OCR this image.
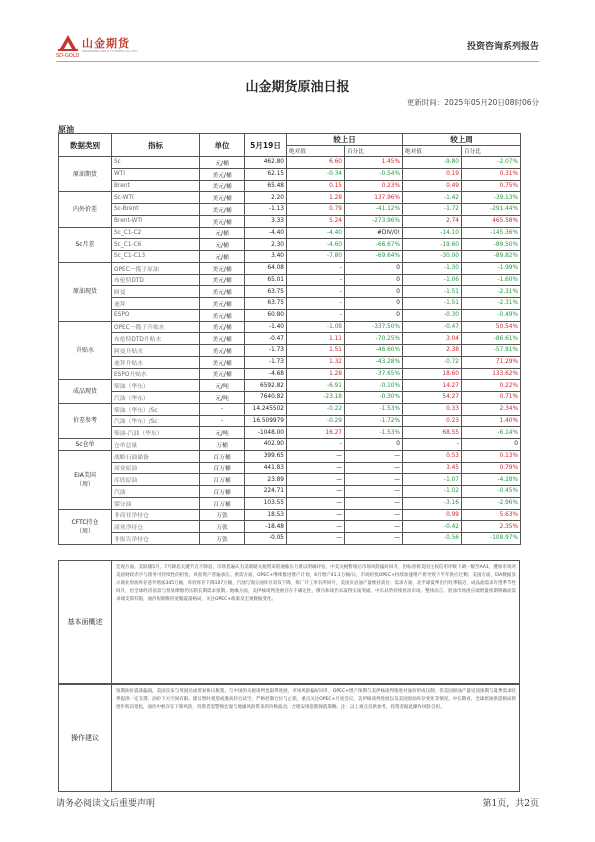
山金期货
SHANDONG GOLD FUTURES CO.,LTD.
SD-GOLD
投资咨询系列报告
山金期货原油日报
更新时间：2025年05月20日08时06分
原油
数据类别	指标	单位	5月19日	较上日		较上周	
				绝对值	百分比	绝对值	百分比
原油期货	Sc	元/桶	462.80	6.60	1.45%	-9.80	-2.07%
	WTI	美元/桶	62.15	-0.34	-0.54%	0.19	0.31%
	Brent	美元/桶	65.48	0.15	0.23%	0.49	0.75%
内外价差	Sc-WTI	美元/桶	2.20	1.28	137.96%	-1.42	-39.13%
	Sc-Brent	美元/桶	-1.13	0.79	-41.12%	-1.72	-291.44%
	Brent-WTI	美元/桶	3.33	5.24	-273.96%	2.74	465.58%
Sc月差	Sc_C1-C2	元/桶	-4.40	-4.40	#DIV/0!	-14.10	-145.36%
	Sc_C1-C6	元/桶	2.30	-4.60	-66.67%	-19.60	-89.50%
	Sc_C1-C13	元/桶	3.40	-7.80	-69.64%	-30.00	-89.82%
原油现货	OPEC一揽子原油	美元/桶	64.08	-	0	-1.30	-1.99%
	布伦特DTD	美元/桶	65.01	-	0	-1.06	-1.60%
	阿曼	美元/桶	63.75	-	0	-1.51	-2.31%
	迪拜	美元/桶	63.75	-	0	-1.51	-2.31%
	ESPO	美元/桶	60.80	-	0	-0.30	-0.49%
升贴水	OPEC一揽子升贴水	美元/桶	-1.40	-1.08	-337.50%	-0.47	50.54%
	布伦特DTD升贴水	美元/桶	-0.47	1.11	-70.25%	3.04	-86.61%
	阿曼升贴水	美元/桶	-1.73	1.51	-46.60%	2.38	-57.91%
	迪拜升贴水	美元/桶	-1.73	1.32	-43.28%	-0.72	71.29%
	ESPO升贴水	美元/桶	-4.68	1.28	-37.65%	18.60	133.62%
成品现货	柴油（华东）	元/吨	6592.82	-6.91	-0.10%	14.27	0.22%
	汽油（华东）	元/吨	7640.82	-23.18	-0.30%	54.27	0.71%
价差参考	柴油（华东）/Sc	-	14.245502	-0.22	-1.53%	0.33	2.34%
	汽油（华东）/Sc	-	16.509979	-0.29	-1.72%	0.23	1.40%
	柴油-汽油（华东）	元/吨	-1048.00	16.27	-1.53%	68.55	-6.14%
Sc仓单	仓单总量	万桶	402.90	-	0	-	0
EIA美国
（周）	战略石油储备	百万桶	399.65	—	—	0.53	0.13%
	商业原油	百万桶	441.83	—	—	3.45	0.79%
	库欣原油	百万桶	23.89	—	—	-1.07	-4.28%
	汽油	百万桶	224.71	—	—	-1.02	-0.45%
	馏分油	百万桶	103.55	—	—	-3.16	-2.96%
CFTC持仓
（周）	非商业净持仓	万张	18.53	—	—	0.99	5.63%
	商业净持仓	万张	-18.48	—	—	-0.42	2.35%
	非报告净持仓	万张	-0.05	—	—	-0.56	-108.97%
基本面概述
宏观方面，美联储5月，7月降息关键节点不降息，市场普遍认为美联储关税带来的通胀压力难以明确评估，中美关税暂缓后市场风险偏好回升，但标普将美国主权信用评级下调一级至AA1，叠加市场对美国财政赤字与债务可持续性的担忧，风险资产普遍承压。供需方面，OPEC+继续推进增产计划，6月增产41.1万桶/日，市场担忧OPEC+持续加速增产将导致下半年供应过剩；美国方面，EIA数据显示商业原油库存意外增加345万桶，库欣库存下降107万桶，汽油与馏分油库存双双下降，炼厂开工率有所回升，美国页岩油产量维持高位；需求方面，北半球夏季出行旺季临近，成品油需求有望季节性回升，但全球经济前景与贸易摩擦仍压制长期需求预期。地缘方面，美伊核谈判进展存在不确定性，俄乌和谈仍未取得实质突破，中东局势持续扰动市场。整体而言，原油市场供应端增量预期明确而需求端支撑有限，油价短期维持宽幅震荡格局，关注OPEC+政策及宏观数据变化。
操作建议
短期油价震荡偏弱。美国宣布与英国达成贸易协议框架，与中国的关税谈判也取得进展，市场风险偏好回升，OPEC+增产预期与美伊核谈判推进对油价形成压制，但美国原油产量见顶预期与夏季需求旺季提供一定支撑，油价下方空间有限。建议暂时观望或逢高轻仓试空，严格控制仓位与止损，重点关注OPEC+月度会议、美伊核谈判进展以及美国原油库存变化等情况。中长期看，全球原油供需格局将逐步转向宽松，油价中枢存在下移风险，投资者需警惕宏观与地缘风险带来的价格波动，合理安排套期保值策略。注：以上观点仅供参考，投资者据此操作风险自担。
请务必阅读文后重要声明	第1页，共2页
